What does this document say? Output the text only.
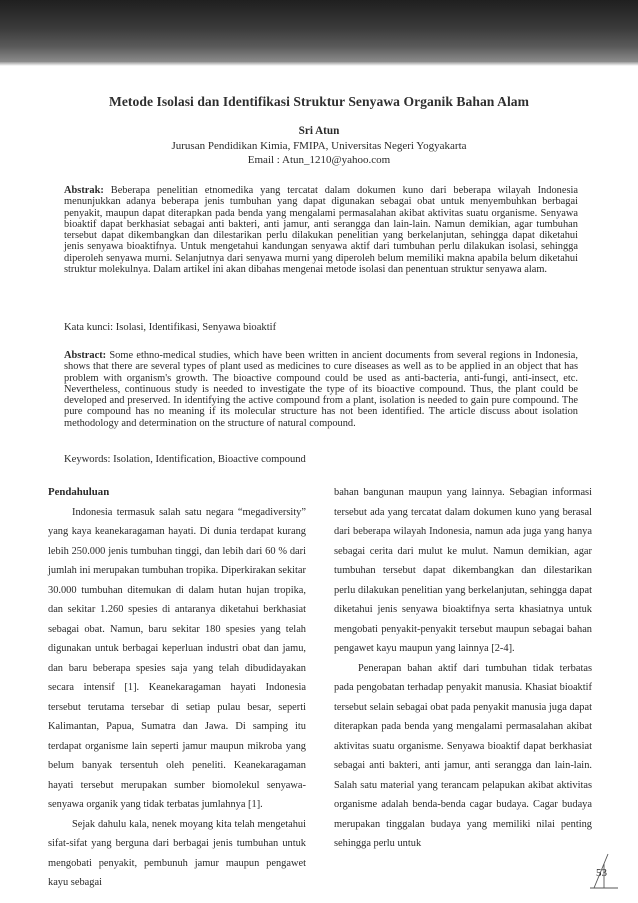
Metode Isolasi dan Identifikasi Struktur Senyawa Organik Bahan Alam
Sri Atun
Jurusan Pendidikan Kimia, FMIPA, Universitas Negeri Yogyakarta
Email : Atun_1210@yahoo.com
Abstrak: Beberapa penelitian etnomedika yang tercatat dalam dokumen kuno dari beberapa wilayah Indonesia menunjukkan adanya beberapa jenis tumbuhan yang dapat digunakan sebagai obat untuk menyembuhkan berbagai penyakit, maupun dapat diterapkan pada benda yang mengalami permasalahan akibat aktivitas suatu organisme. Senyawa bioaktif dapat berkhasiat sebagai anti bakteri, anti jamur, anti serangga dan lain-lain. Namun demikian, agar tumbuhan tersebut dapat dikembangkan dan dilestarikan perlu dilakukan penelitian yang berkelanjutan, sehingga dapat diketahui jenis senyawa bioaktifnya. Untuk mengetahui kandungan senyawa aktif dari tumbuhan perlu dilakukan isolasi, sehingga diperoleh senyawa murni. Selanjutnya dari senyawa murni yang diperoleh belum memiliki makna apabila belum diketahui struktur molekulnya. Dalam artikel ini akan dibahas mengenai metode isolasi dan penentuan struktur senyawa alam.
Kata kunci: Isolasi, Identifikasi, Senyawa bioaktif
Abstract: Some ethno-medical studies, which have been written in ancient documents from several regions in Indonesia, shows that there are several types of plant used as medicines to cure diseases as well as to be applied in an object that has problem with organism's growth. The bioactive compound could be used as anti-bacteria, anti-fungi, anti-insect, etc. Nevertheless, continuous study is needed to investigate the type of its bioactive compound. Thus, the plant could be developed and preserved. In identifying the active compound from a plant, isolation is needed to gain pure compound. The pure compound has no meaning if its molecular structure has not been identified. The article discuss about isolation methodology and determination on the structure of natural compound.
Keywords: Isolation, Identification, Bioactive compound

Pendahuluan

Indonesia termasuk salah satu negara “megadiversity” yang kaya keanekaragaman hayati. Di dunia terdapat kurang lebih 250.000 jenis tumbuhan tinggi, dan lebih dari 60 % dari jumlah ini merupakan tumbuhan tropika. Diperkirakan sekitar 30.000 tumbuhan ditemukan di dalam hutan hujan tropika, dan sekitar 1.260 spesies di antaranya diketahui berkhasiat sebagai obat. Namun, baru sekitar 180 spesies yang telah digunakan untuk berbagai keperluan industri obat dan jamu, dan baru beberapa spesies saja yang telah dibudidayakan secara intensif [1]. Keanekaragaman hayati Indonesia tersebut terutama tersebar di setiap pulau besar, seperti Kalimantan, Papua, Sumatra dan Jawa. Di samping itu terdapat organisme lain seperti jamur maupun mikroba yang belum banyak tersentuh oleh peneliti. Keanekaragaman hayati tersebut merupakan sumber biomolekul senyawa-senyawa organik yang tidak terbatas jumlahnya [1].

Sejak dahulu kala, nenek moyang kita telah mengetahui sifat-sifat yang berguna dari berbagai jenis tumbuhan untuk mengobati penyakit, pembunuh jamur maupun pengawet kayu sebagai

bahan bangunan maupun yang lainnya. Sebagian informasi tersebut ada yang tercatat dalam dokumen kuno yang berasal dari beberapa wilayah Indonesia, namun ada juga yang hanya sebagai cerita dari mulut ke mulut. Namun demikian, agar tumbuhan tersebut dapat dikembangkan dan dilestarikan perlu dilakukan penelitian yang berkelanjutan, sehingga dapat diketahui jenis senyawa bioaktifnya serta khasiatnya untuk mengobati penyakit-penyakit tersebut maupun sebagai bahan pengawet kayu maupun yang lainnya [2-4].

Penerapan bahan aktif dari tumbuhan tidak terbatas pada pengobatan terhadap penyakit manusia. Khasiat bioaktif tersebut selain sebagai obat pada penyakit manusia juga dapat diterapkan pada benda yang mengalami permasalahan akibat aktivitas suatu organisme. Senyawa bioaktif dapat berkhasiat sebagai anti bakteri, anti jamur, anti serangga dan lain-lain. Salah satu material yang terancam pelapukan akibat aktivitas organisme adalah benda-benda cagar budaya. Cagar budaya merupakan tinggalan budaya yang memiliki nilai penting sehingga perlu untuk

53
